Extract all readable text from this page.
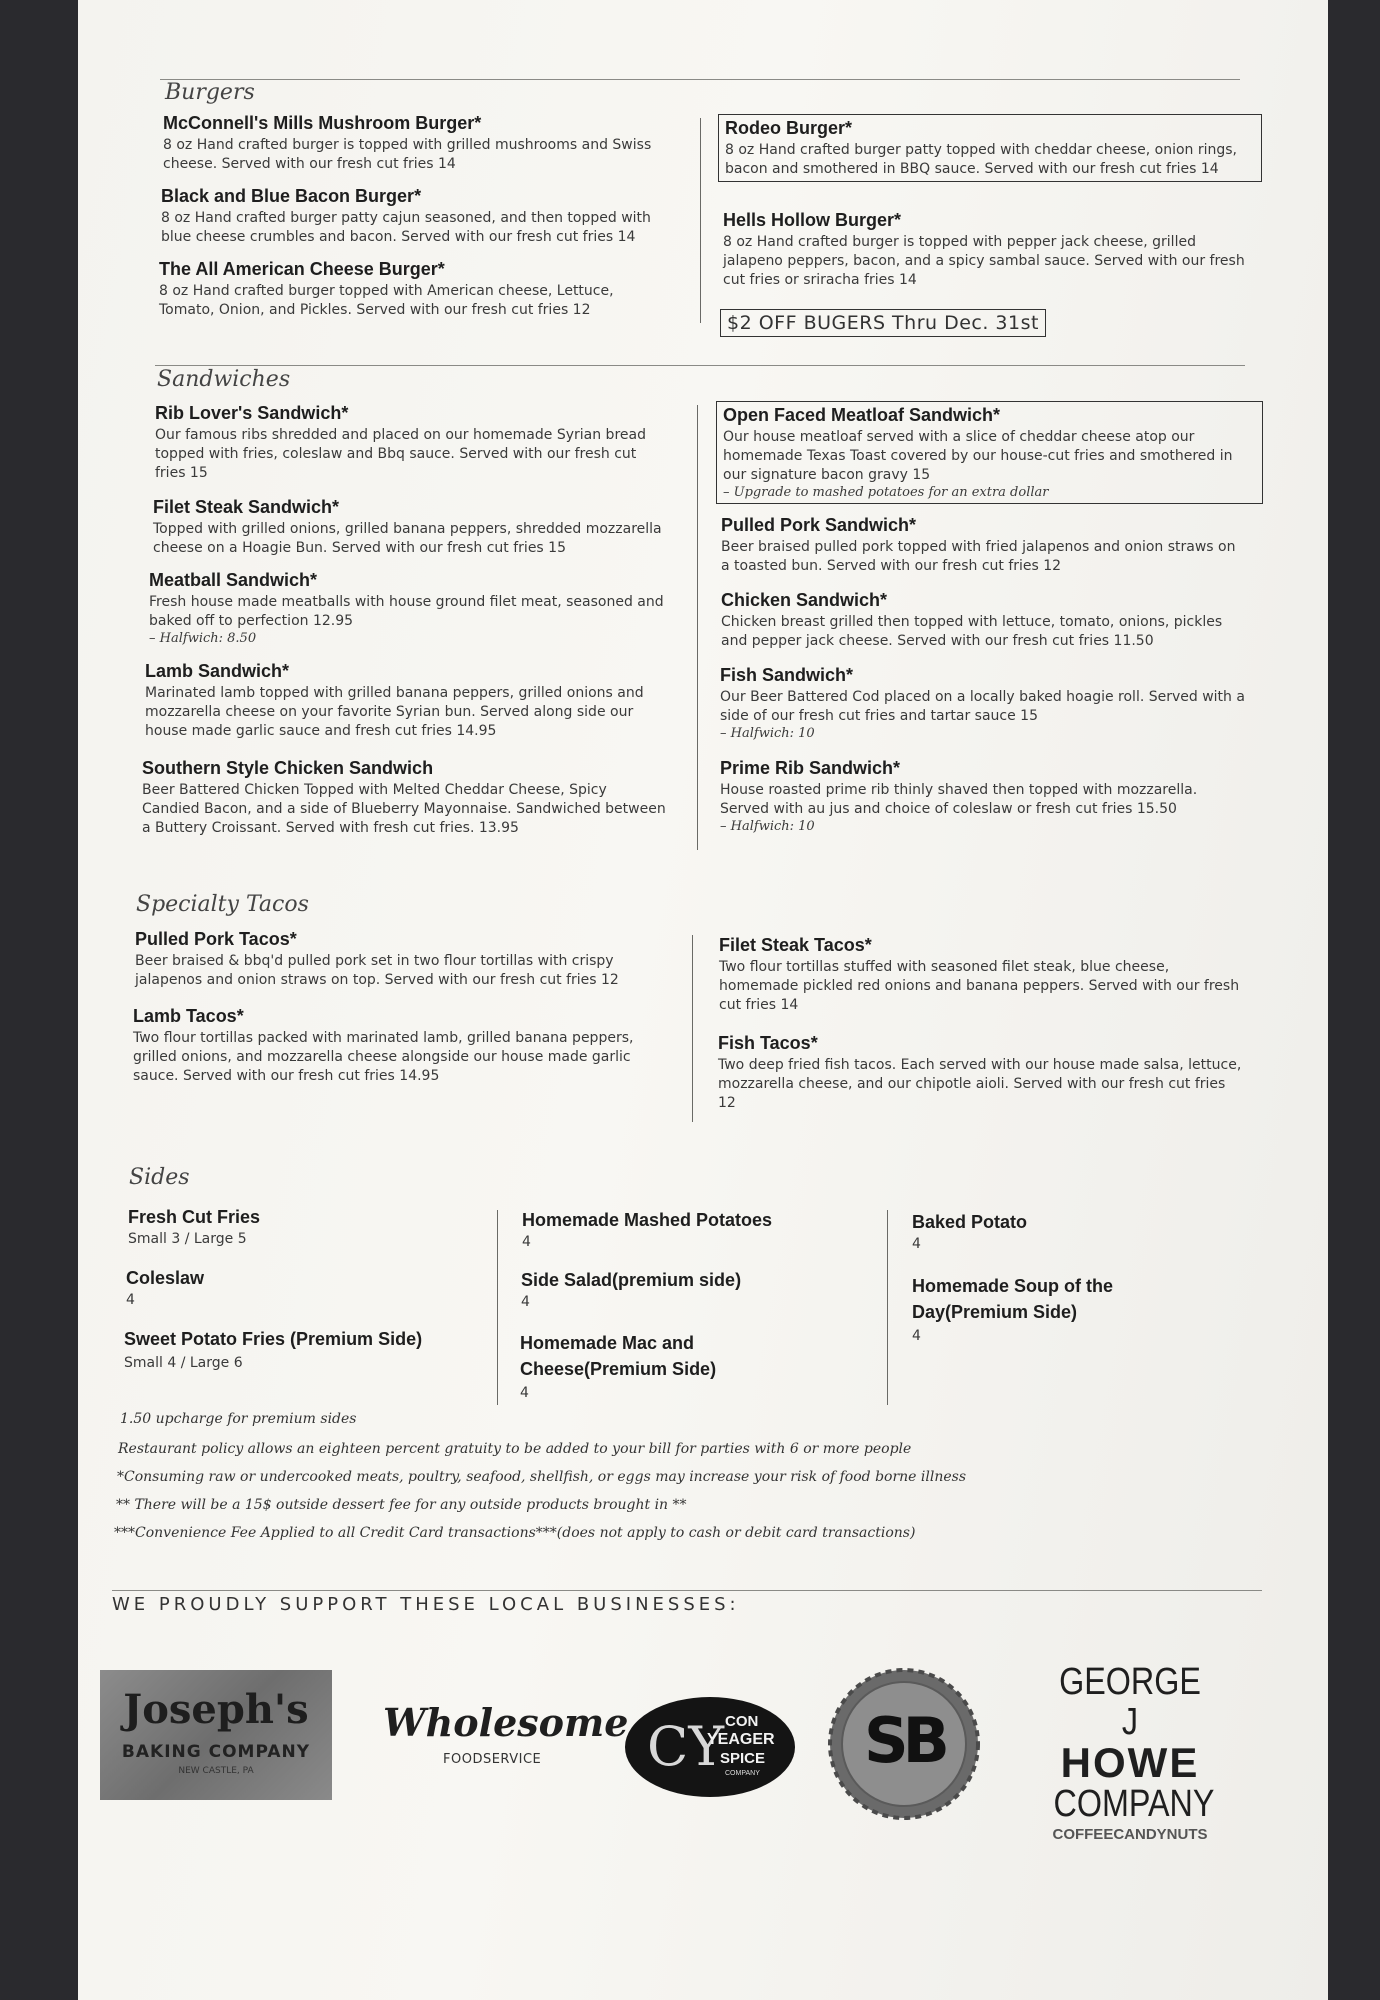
Burgers
McConnell's Mills Mushroom Burger*
8 oz Hand crafted burger is topped with grilled mushrooms and Swiss cheese. Served with our fresh cut fries 14
Black and Blue Bacon Burger*
8 oz Hand crafted burger patty cajun seasoned, and then topped with blue cheese crumbles and bacon. Served with our fresh cut fries 14
The All American Cheese Burger*
8 oz Hand crafted burger topped with American cheese, Lettuce, Tomato, Onion, and Pickles. Served with our fresh cut fries 12
Rodeo Burger*
8 oz Hand crafted burger patty topped with cheddar cheese, onion rings, bacon and smothered in BBQ sauce. Served with our fresh cut fries 14
Hells Hollow Burger*
8 oz Hand crafted burger is topped with pepper jack cheese, grilled jalapeno peppers, bacon, and a spicy sambal sauce. Served with our fresh cut fries or sriracha fries 14
$2 OFF BUGERS Thru Dec. 31st
Sandwiches
Rib Lover's Sandwich*
Our famous ribs shredded and placed on our homemade Syrian bread topped with fries, coleslaw and Bbq sauce. Served with our fresh cut fries 15
Filet Steak Sandwich*
Topped with grilled onions, grilled banana peppers, shredded mozzarella cheese on a Hoagie Bun. Served with our fresh cut fries 15
Meatball Sandwich*
Fresh house made meatballs with house ground filet meat, seasoned and baked off to perfection 12.95
– Halfwich: 8.50
Lamb Sandwich*
Marinated lamb topped with grilled banana peppers, grilled onions and mozzarella cheese on your favorite Syrian bun. Served along side our house made garlic sauce and fresh cut fries 14.95
Southern Style Chicken Sandwich
Beer Battered Chicken Topped with Melted Cheddar Cheese, Spicy Candied Bacon, and a side of Blueberry Mayonnaise. Sandwiched between a Buttery Croissant. Served with fresh cut fries. 13.95
Open Faced Meatloaf Sandwich*
Our house meatloaf served with a slice of cheddar cheese atop our homemade Texas Toast covered by our house-cut fries and smothered in our signature bacon gravy 15
– Upgrade to mashed potatoes for an extra dollar
Pulled Pork Sandwich*
Beer braised pulled pork topped with fried jalapenos and onion straws on a toasted bun. Served with our fresh cut fries 12
Chicken Sandwich*
Chicken breast grilled then topped with lettuce, tomato, onions, pickles and pepper jack cheese. Served with our fresh cut fries 11.50
Fish Sandwich*
Our Beer Battered Cod placed on a locally baked hoagie roll. Served with a side of our fresh cut fries and tartar sauce 15
– Halfwich: 10
Prime Rib Sandwich*
House roasted prime rib thinly shaved then topped with mozzarella. Served with au jus and choice of coleslaw or fresh cut fries 15.50
– Halfwich: 10
Specialty Tacos
Pulled Pork Tacos*
Beer braised & bbq'd pulled pork set in two flour tortillas with crispy jalapenos and onion straws on top. Served with our fresh cut fries 12
Lamb Tacos*
Two flour tortillas packed with marinated lamb, grilled banana peppers, grilled onions, and mozzarella cheese alongside our house made garlic sauce. Served with our fresh cut fries 14.95
Filet Steak Tacos*
Two flour tortillas stuffed with seasoned filet steak, blue cheese, homemade pickled red onions and banana peppers. Served with our fresh cut fries 14
Fish Tacos*
Two deep fried fish tacos. Each served with our house made salsa, lettuce, mozzarella cheese, and our chipotle aioli. Served with our fresh cut fries 12
Sides
Fresh Cut Fries
Small 3 / Large 5
Coleslaw
4
Sweet Potato Fries (Premium Side)
Small 4 / Large 6
Homemade Mashed Potatoes
4
Side Salad(premium side)
4
Homemade Mac and Cheese(Premium Side)
4
Baked Potato
4
Homemade Soup of the Day(Premium Side)
4
1.50 upcharge for premium sides
Restaurant policy allows an eighteen percent gratuity to be added to your bill for parties with 6 or more people
*Consuming raw or undercooked meats, poultry, seafood, shellfish, or eggs may increase your risk of food borne illness
** There will be a 15$ outside dessert fee for any outside products brought in **
***Convenience Fee Applied to all Credit Card transactions***(does not apply to cash or debit card transactions)
WE PROUDLY SUPPORT THESE LOCAL BUSINESSES:
Joseph's
BAKING COMPANY
NEW CASTLE, PA
Wholesome
FOODSERVICE CY CON
YEAGER
SPICE
COMPANY	SB
GEORGE J
HOWE
COMPANY
COFFEECANDYNUTS
